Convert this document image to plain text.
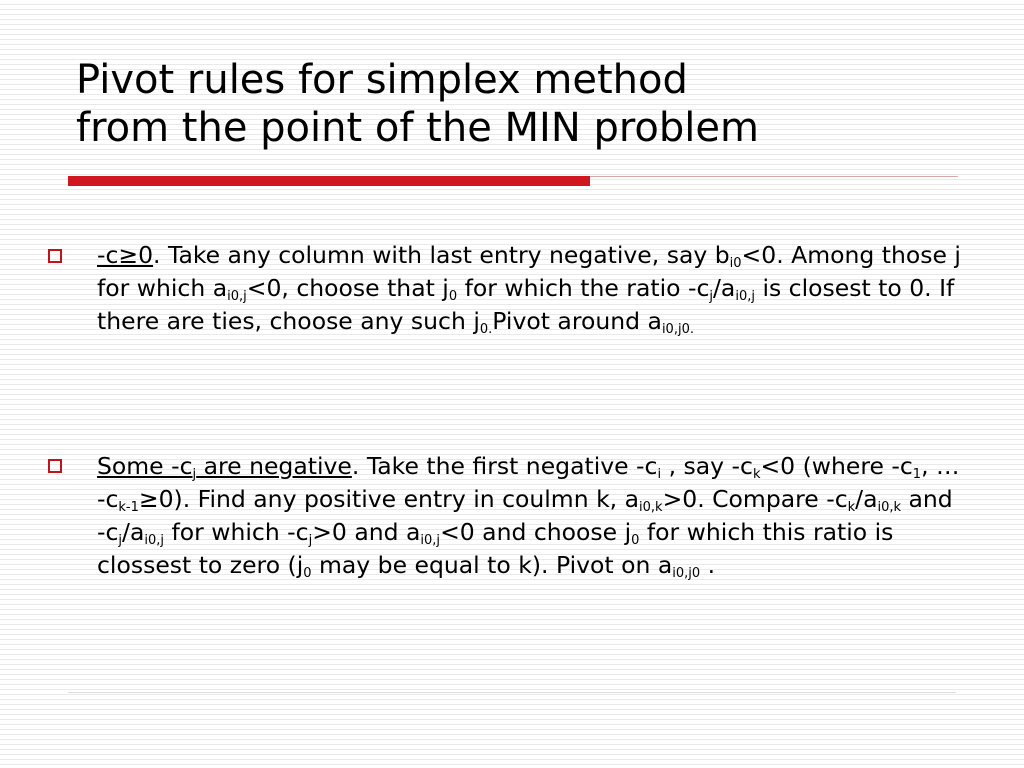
Pivot rules for simplex method
from the point of the MIN problem
-c≥0. Take any column with last entry negative, say $b_{i0}<0$. Among those j for which $a_{i0,j}<0$, choose that $j_0$ for which the ratio $-c_j/a_{i0,j}$ is closest to 0. If there are ties, choose any such $j_{0.}Pivot$ around $a_{i0,j0.}$
Some $-c_j$ are negative. Take the first negative $-c_i$ , say $-c_k<0$ (where $-c_1$, … $-c_{k-1}\ge 0$). Find any positive entry in coulmn k, $a_{i0,k}>0$. Compare $-c_k/a_{i0,k}$ and $-c_j/a_{i0,j}$ for which $-c_j>0$ and $a_{i0,j}<0$ and choose $j_0$ for which this ratio is clossest to zero ($j_0$ may be equal to k). Pivot on $a_{i0,j0}$ .
